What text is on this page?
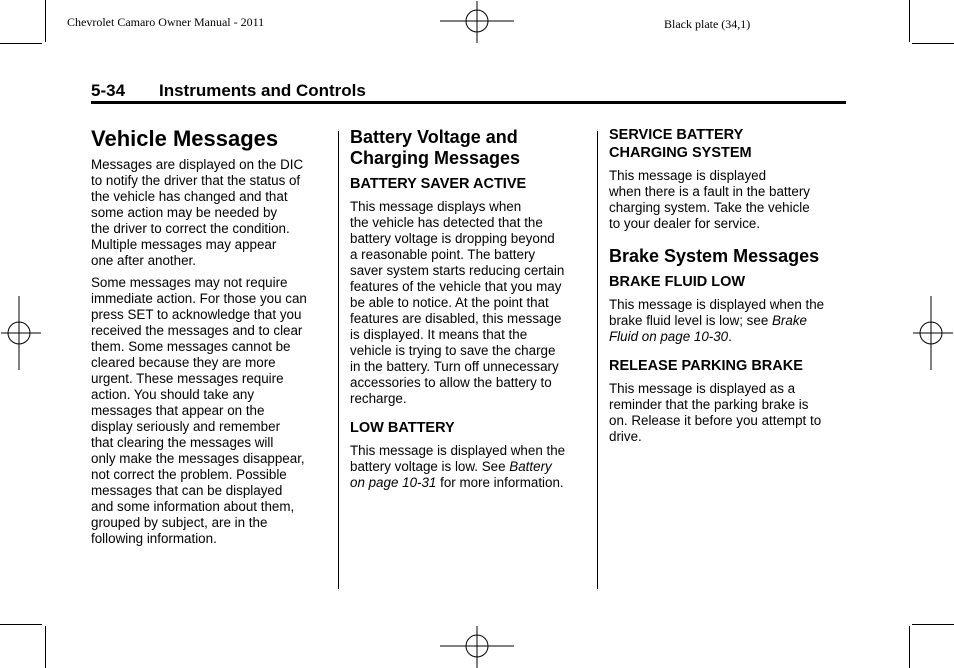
Chevrolet Camaro Owner Manual - 2011	Black plate (34,1)
5-34 Instruments and Controls
Vehicle Messages
Messages are displayed on the DIC
to notify the driver that the status of
the vehicle has changed and that
some action may be needed by
the driver to correct the condition.
Multiple messages may appear
one after another.
Some messages may not require
immediate action. For those you can
press SET to acknowledge that you
received the messages and to clear
them. Some messages cannot be
cleared because they are more
urgent. These messages require
action. You should take any
messages that appear on the
display seriously and remember
that clearing the messages will
only make the messages disappear,
not correct the problem. Possible
messages that can be displayed
and some information about them,
grouped by subject, are in the
following information.
Battery Voltage and
Charging Messages
BATTERY SAVER ACTIVE
This message displays when
the vehicle has detected that the
battery voltage is dropping beyond
a reasonable point. The battery
saver system starts reducing certain
features of the vehicle that you may
be able to notice. At the point that
features are disabled, this message
is displayed. It means that the
vehicle is trying to save the charge
in the battery. Turn off unnecessary
accessories to allow the battery to
recharge.
LOW BATTERY
This message is displayed when the
battery voltage is low. See Battery
on page 10-31 for more information.
SERVICE BATTERY
CHARGING SYSTEM
This message is displayed
when there is a fault in the battery
charging system. Take the vehicle
to your dealer for service.
Brake System Messages
BRAKE FLUID LOW
This message is displayed when the
brake fluid level is low; see Brake
Fluid on page 10-30.
RELEASE PARKING BRAKE
This message is displayed as a
reminder that the parking brake is
on. Release it before you attempt to
drive.
